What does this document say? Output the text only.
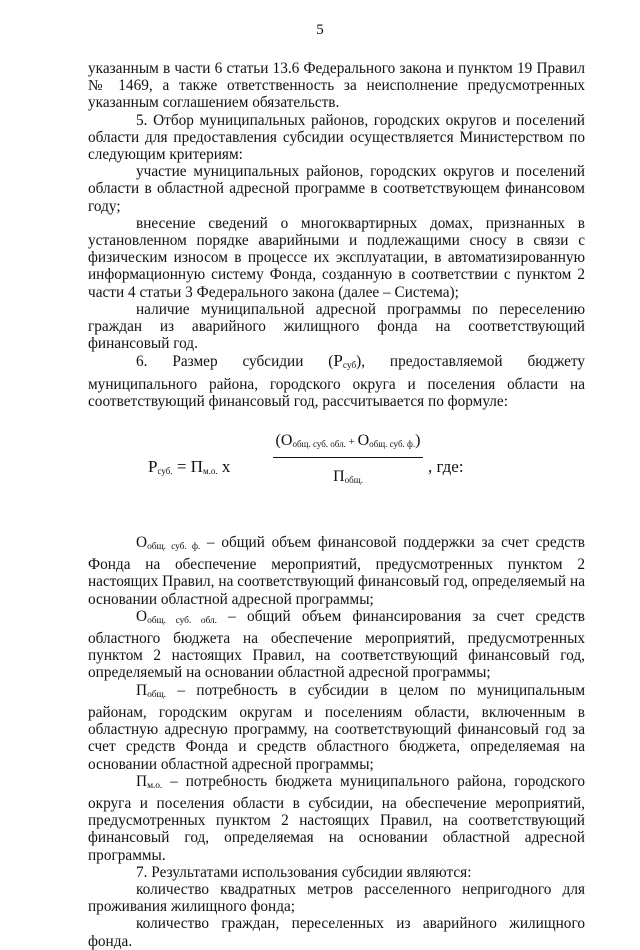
5

указанным в части 6 статьи 13.6 Федерального закона и пунктом 19 Правил № 1469, а также ответственность за неисполнение предусмотренных указанным соглашением обязательств.

5. Отбор муниципальных районов, городских округов и поселений области для предоставления субсидии осуществляется Министерством по следующим критериям:

участие муниципальных районов, городских округов и поселений области в областной адресной программе в соответствующем финансовом году;

внесение сведений о многоквартирных домах, признанных в установленном порядке аварийными и подлежащими сносу в связи с физическим износом в процессе их эксплуатации, в автоматизированную информационную систему Фонда, созданную в соответствии с пунктом 2 части 4 статьи 3 Федерального закона (далее – Система);

наличие муниципальной адресной программы по переселению граждан из аварийного жилищного фонда на соответствующий финансовый год.

6. Размер субсидии $(Р_{суб})$, предоставляемой бюджету муниципального района, городского округа и поселения области на соответствующий финансовый год, рассчитывается по формуле:

$Р_{суб.} = П_{м.о.}$ x
$(О_{общ. суб. обл.} + О_{общ. суб. ф.})$
$П_{общ.}$
, где:

$О_{общ. суб. ф.}$ – общий объем финансовой поддержки за счет средств Фонда на обеспечение мероприятий, предусмотренных пунктом 2 настоящих Правил, на соответствующий финансовый год, определяемый на основании областной адресной программы;

$О_{общ. суб. обл.}$ – общий объем финансирования за счет средств областного бюджета на обеспечение мероприятий, предусмотренных пунктом 2 настоящих Правил, на соответствующий финансовый год, определяемый на основании областной адресной программы;

$П_{общ.}$ – потребность в субсидии в целом по муниципальным районам, городским округам и поселениям области, включенным в областную адресную программу, на соответствующий финансовый год за счет средств Фонда и средств областного бюджета, определяемая на основании областной адресной программы;

$П_{м.о.}$ – потребность бюджета муниципального района, городского округа и поселения области в субсидии, на обеспечение мероприятий, предусмотренных пунктом 2 настоящих Правил, на соответствующий финансовый год, определяемая на основании областной адресной программы.

7. Результатами использования субсидии являются:

количество квадратных метров расселенного непригодного для проживания жилищного фонда;

количество граждан, переселенных из аварийного жилищного фонда.
